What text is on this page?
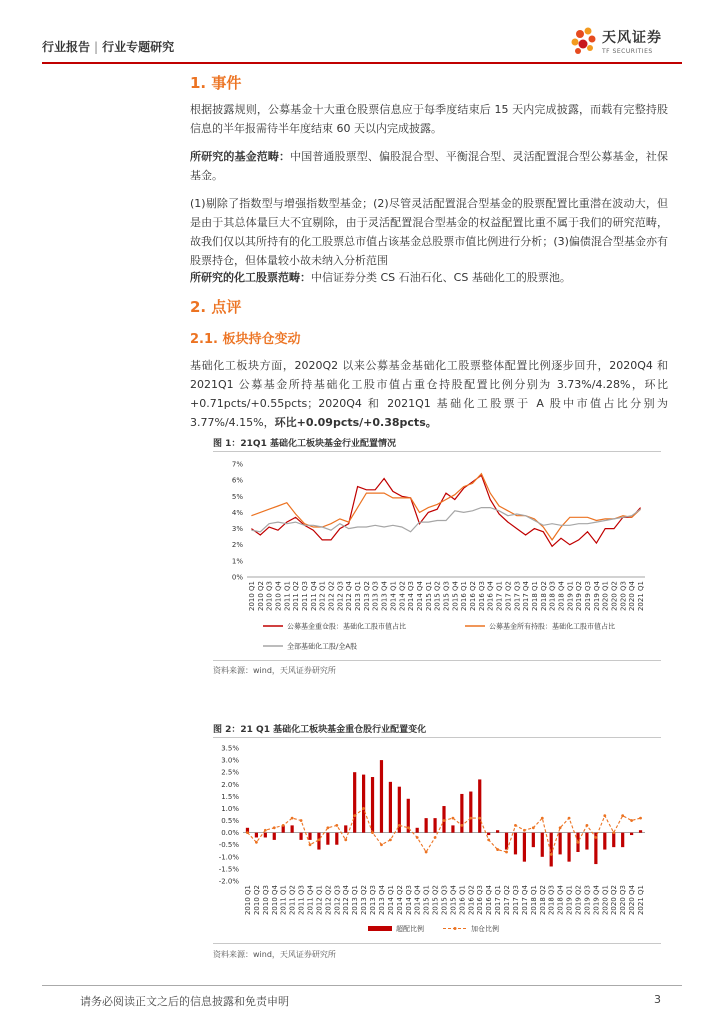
行业报告 | 行业专题研究
天风证券
TF SECURITIES
1. 事件
根据披露规则，公募基金十大重仓股票信息应于每季度结束后 15 天内完成披露，而载有完整持股信息的半年报需待半年度结束 60 天以内完成披露。
所研究的基金范畴：中国普通股票型、偏股混合型、平衡混合型、灵活配置混合型公募基金，社保基金。
(1)剔除了指数型与增强指数型基金；(2)尽管灵活配置混合型基金的股票配置比重潜在波动大，但是由于其总体量巨大不宜剔除，由于灵活配置混合型基金的权益配置比重不属于我们的研究范畴，故我们仅以其所持有的化工股票总市值占该基金总股票市值比例进行分析；(3)偏债混合型基金亦有股票持仓，但体量较小故未纳入分析范围
所研究的化工股票范畴：中信证券分类 CS 石油石化、CS 基础化工的股票池。
2. 点评
2.1. 板块持仓变动
基础化工板块方面，2020Q2 以来公募基金基础化工股票整体配置比例逐步回升，2020Q4 和 2021Q1 公募基金所持基础化工股市值占重仓持股配置比例分别为 3.73%/4.28%，环比+0.71pcts/+0.55pcts；2020Q4 和 2021Q1 基础化工股票于 A 股中市值占比分别为 3.77%/4.15%，环比+0.09pcts/+0.38pcts。
图 1：21Q1 基础化工板块基金行业配置情况
0%
1%
2%
3%
4%
5%
6%
7%
2010 Q1 2010 Q2 2010 Q3 2010 Q4 2011 Q1 2011 Q2 2011 Q3 2011 Q4 2012 Q1 2012 Q2 2012 Q3 2012 Q4 2013 Q1 2013 Q2 2013 Q3 2013 Q4 2014 Q1 2014 Q2 2014 Q3 2014 Q4 2015 Q1 2015 Q2 2015 Q3 2015 Q4 2016 Q1 2016 Q2 2016 Q3 2016 Q4 2017 Q1 2017 Q2 2017 Q3 2017 Q4 2018 Q1 2018 Q2 2018 Q3 2018 Q4 2019 Q1 2019 Q2 2019 Q3 2019 Q4 2020 Q1 2020 Q2 2020 Q3 2020 Q4 2021 Q1
公募基金重仓股：基础化工股市值占比	公募基金所有持股：基础化工股市值占比
全部基础化工股/全A股
资料来源：wind，天风证券研究所
图 2：21 Q1 基础化工板块基金重仓股行业配置变化
-2.0%
-1.5%
-1.0%
-0.5%
0.0%
0.5%
1.0%
1.5%
2.0%
2.5%
3.0%
3.5%
2010 Q1 2010 Q2 2010 Q3 2010 Q4 2011 Q1 2011 Q2 2011 Q3 2011 Q4 2012 Q1 2012 Q2 2012 Q3 2012 Q4 2013 Q1 2013 Q2 2013 Q3 2013 Q4 2014 Q1 2014 Q2 2014 Q3 2014 Q4 2015 Q1 2015 Q2 2015 Q3 2015 Q4 2016 Q1 2016 Q2 2016 Q3 2016 Q4 2017 Q1 2017 Q2 2017 Q3 2017 Q4 2018 Q1 2018 Q2 2018 Q3 2018 Q4 2019 Q1 2019 Q2 2019 Q3 2019 Q4 2020 Q1 2020 Q2 2020 Q3 2020 Q4 2021 Q1
超配比例	加仓比例
资料来源：wind，天风证券研究所
请务必阅读正文之后的信息披露和免责申明	3
